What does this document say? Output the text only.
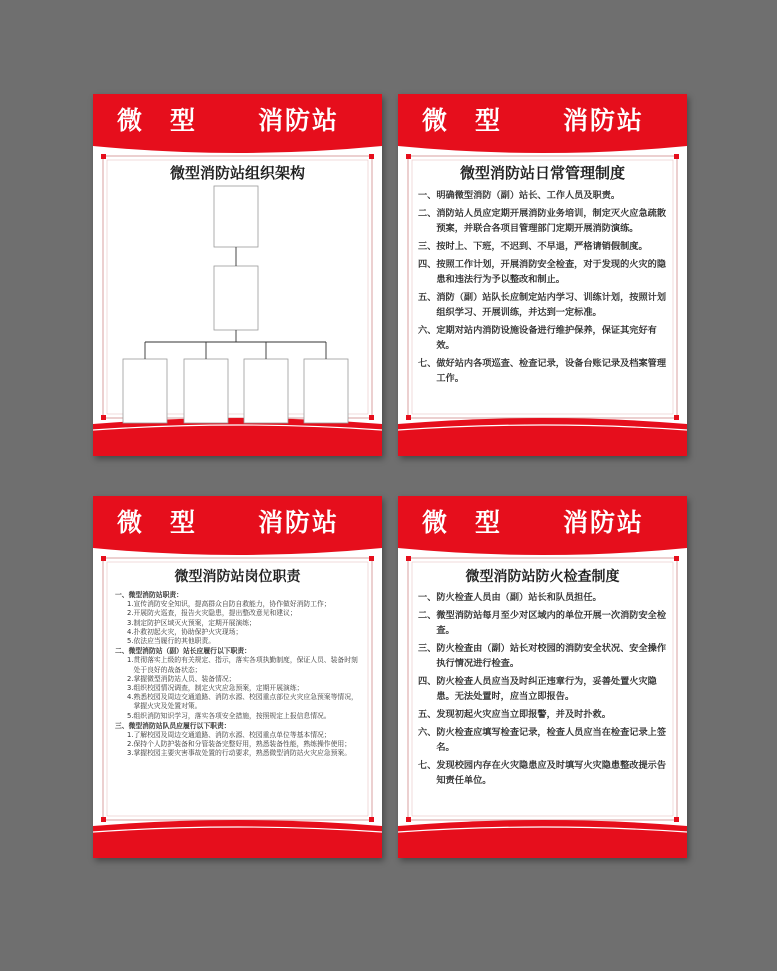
微 型 消防站
微型消防站组织架构
微 型 消防站
微型消防站日常管理制度
一、 明确微型消防（副）站长、工作人员及职责。
二、 消防站人员应定期开展消防业务培训，制定灭火应急疏散预案，并联合各项目管理部门定期开展消防演练。
三、 按时上、下班，不迟到、不早退，严格请销假制度。
四、 按照工作计划，开展消防安全检查，对于发现的火灾的隐患和违法行为予以整改和制止。
五、 消防（副）站队长应制定站内学习、训练计划，按照计划组织学习、开展训练，并达到一定标准。
六、 定期对站内消防设施设备进行维护保养，保证其完好有效。
七、 做好站内各项巡查、检查记录，设备台账记录及档案管理工作。
微 型 消防站
微型消防站岗位职责
一、微型消防站职责：
1. 宣传消防安全知识，提高群众自防自救能力，协作做好消防工作；
2. 开展防火巡查，报告火灾隐患，提出整改意见和建议；
3. 制定防护区域灭火预案，定期开展演练；
4. 扑救初起火灾，协助保护火灾现场；
5. 依法应当履行的其他职责。
二、微型消防站（副）站长应履行以下职责：
1. 贯彻落实上级的有关规定、指示，落实各项执勤制度，保证人员、装备时刻处于良好的战备状态；
2. 掌握微型消防站人员、装备情况；
3. 组织校园情况调查，制定火灾应急预案，定期开展演练；
4. 熟悉校园及周边交通道路、消防水源、校园重点部位火灾应急预案等情况，掌握火灾及处置对策。
5. 组织消防知识学习，落实各项安全措施，按照规定上报信息情况。
三、微型消防站队员应履行以下职责：
1. 了解校园及周边交通道路、消防水源、校园重点单位等基本情况；
2. 保持个人防护装备和分管装备完整好用，熟悉装备性能，熟练操作使用；
3. 掌握校园主要灾害事故处置的行动要求，熟悉微型消防站火灾应急预案。
微 型 消防站
微型消防站防火检查制度
一、 防火检查人员由（副）站长和队员担任。
二、 微型消防站每月至少对区域内的单位开展一次消防安全检查。
三、 防火检查由（副）站长对校园的消防安全状况、安全操作执行情况进行检查。
四、 防火检查人员应当及时纠正违章行为，妥善处置火灾隐患。无法处置时，应当立即报告。
五、 发现初起火灾应当立即报警，并及时扑救。
六、 防火检查应填写检查记录，检查人员应当在检查记录上签名。
七、 发现校园内存在火灾隐患应及时填写火灾隐患整改提示告知责任单位。
